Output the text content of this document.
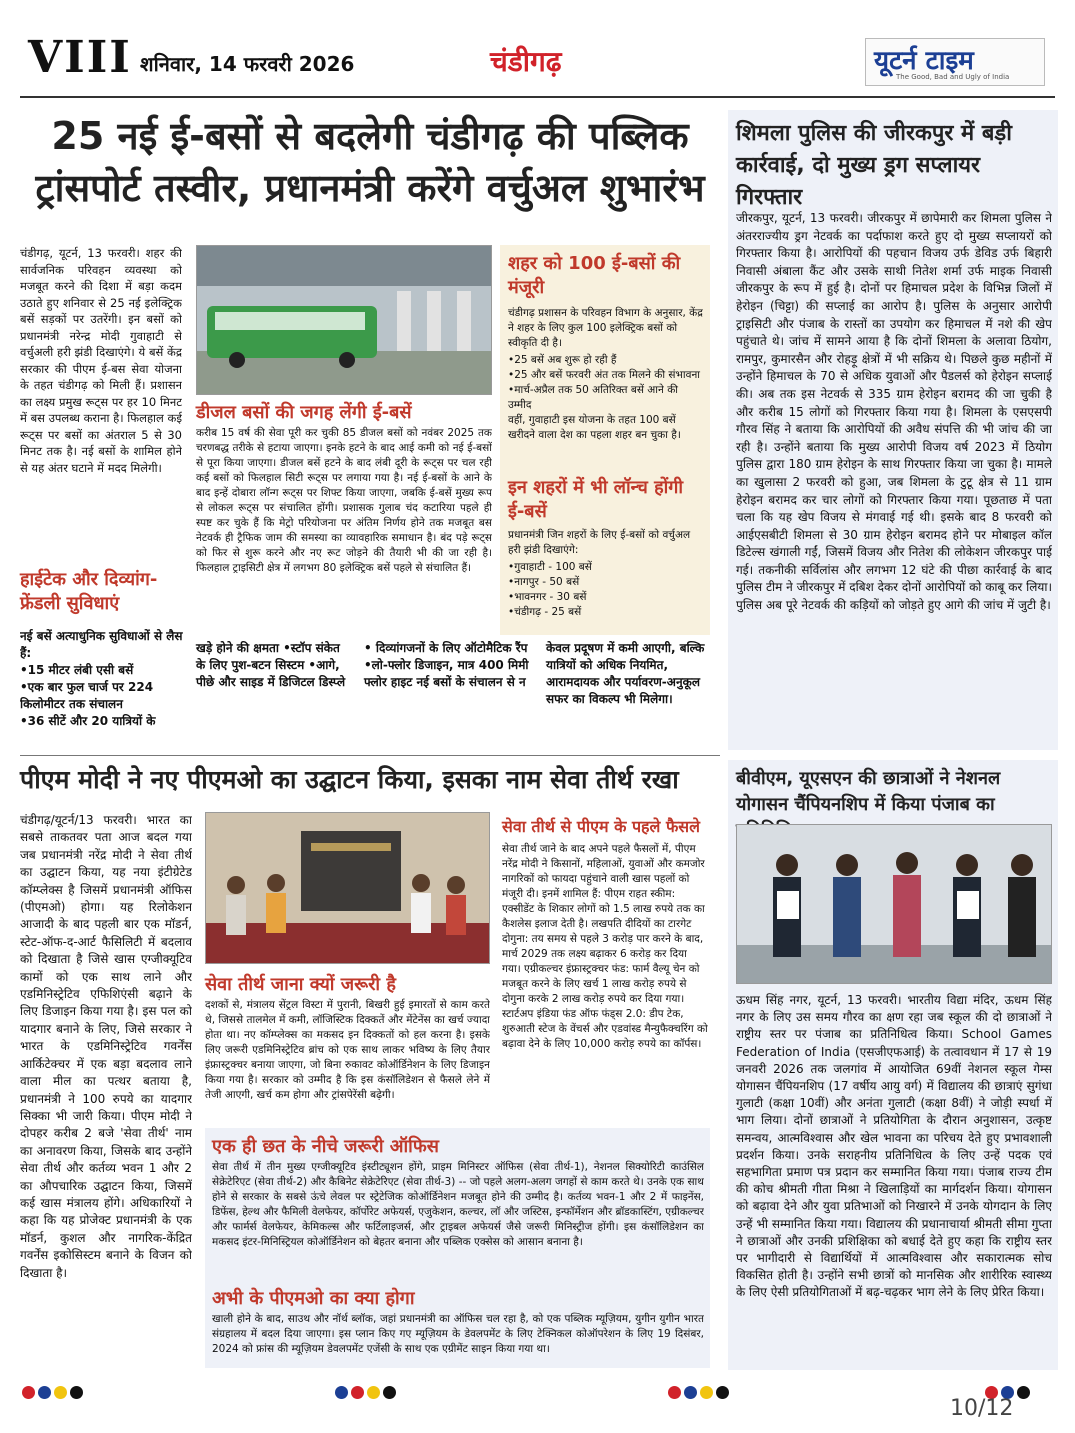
VIII शनिवार, 14 फरवरी 2026	चंडीगढ़	यूटर्न टाइम
The Good, Bad and Ugly of India
25 नई ई-बसों से बदलेगी चंडीगढ़ की पब्लिक
ट्रांसपोर्ट तस्वीर, प्रधानमंत्री करेंगे वर्चुअल शुभारंभ

चंडीगढ़, यूटर्न, 13 फरवरी। शहर की सार्वजनिक परिवहन व्यवस्था को मजबूत करने की दिशा में बड़ा कदम उठाते हुए शनिवार से 25 नई इलेक्ट्रिक बसें सड़कों पर उतरेंगी। इन बसों को प्रधानमंत्री नरेन्द्र मोदी गुवाहाटी से वर्चुअली हरी झंडी दिखाएंगे। ये बसें केंद्र सरकार की पीएम ई-बस सेवा योजना के तहत चंडीगढ़ को मिली हैं। प्रशासन का लक्ष्य प्रमुख रूट्स पर हर 10 मिनट में बस उपलब्ध कराना है। फिलहाल कई रूट्स पर बसों का अंतराल 5 से 30 मिनट तक है। नई बसों के शामिल होने से यह अंतर घटाने में मदद मिलेगी।

हाईटेक और दिव्यांग-फ्रेंडली सुविधाएं
नई बसें अत्याधुनिक सुविधाओं से लैस हैं:
•15 मीटर लंबी एसी बसें
•एक बार फुल चार्ज पर 224 किलोमीटर तक संचालन
•36 सीटें और 20 यात्रियों के
डीजल बसों की जगह लेंगी ई-बसें

करीब 15 वर्ष की सेवा पूरी कर चुकी 85 डीजल बसों को नवंबर 2025 तक चरणबद्ध तरीके से हटाया जाएगा। इनके हटने के बाद आई कमी को नई ई-बसों से पूरा किया जाएगा। डीजल बसें हटने के बाद लंबी दूरी के रूट्स पर चल रही कई बसों को फिलहाल सिटी रूट्स पर लगाया गया है। नई ई-बसों के आने के बाद इन्हें दोबारा लॉन्ग रूट्स पर शिफ्ट किया जाएगा, जबकि ई-बसें मुख्य रूप से लोकल रूट्स पर संचालित होंगी। प्रशासक गुलाब चंद कटारिया पहले ही स्पष्ट कर चुके हैं कि मेट्रो परियोजना पर अंतिम निर्णय होने तक मजबूत बस नेटवर्क ही ट्रैफिक जाम की समस्या का व्यावहारिक समाधान है। बंद पड़े रूट्स को फिर से शुरू करने और नए रूट जोड़ने की तैयारी भी की जा रही है। फिलहाल ट्राइसिटी क्षेत्र में लगभग 80 इलेक्ट्रिक बसें पहले से संचालित हैं।

शहर को 100 ई-बसों की मंजूरी

चंडीगढ़ प्रशासन के परिवहन विभाग के अनुसार, केंद्र ने शहर के लिए कुल 100 इलेक्ट्रिक बसों को स्वीकृति दी है।

•25 बसें अब शुरू हो रही हैं
•25 और बसें फरवरी अंत तक मिलने की संभावना
•मार्च-अप्रैल तक 50 अतिरिक्त बसें आने की उम्मीद

वहीं, गुवाहाटी इस योजना के तहत 100 बसें खरीदने वाला देश का पहला शहर बन चुका है।

इन शहरों में भी लॉन्च होंगी ई-बसें

प्रधानमंत्री जिन शहरों के लिए ई-बसों को वर्चुअल हरी झंडी दिखाएंगे:

•गुवाहाटी - 100 बसें
•नागपुर - 50 बसें
•भावनगर - 30 बसें
•चंडीगढ़ - 25 बसें
खड़े होने की क्षमता •स्टॉप संकेत के लिए पुश-बटन सिस्टम •आगे, पीछे और साइड में डिजिटल डिस्प्ले
• दिव्यांगजनों के लिए ऑटोमैटिक रैंप •लो-फ्लोर डिजाइन, मात्र 400 मिमी फ्लोर हाइट नई बसों के संचालन से न
केवल प्रदूषण में कमी आएगी, बल्कि यात्रियों को अधिक नियमित, आरामदायक और पर्यावरण-अनुकूल सफर का विकल्प भी मिलेगा।
शिमला पुलिस की जीरकपुर में बड़ी कार्रवाई, दो मुख्य ड्रग सप्लायर गिरफ्तार

जीरकपुर, यूटर्न, 13 फरवरी। जीरकपुर में छापेमारी कर शिमला पुलिस ने अंतरराज्यीय ड्रग नेटवर्क का पर्दाफाश करते हुए दो मुख्य सप्लायरों को गिरफ्तार किया है। आरोपियों की पहचान विजय उर्फ डेविड उर्फ बिहारी निवासी अंबाला कैंट और उसके साथी नितेश शर्मा उर्फ माइक निवासी जीरकपुर के रूप में हुई है। दोनों पर हिमाचल प्रदेश के विभिन्न जिलों में हेरोइन (चिट्टा) की सप्लाई का आरोप है। पुलिस के अनुसार आरोपी ट्राइसिटी और पंजाब के रास्तों का उपयोग कर हिमाचल में नशे की खेप पहुंचाते थे। जांच में सामने आया है कि दोनों शिमला के अलावा ठियोग, रामपुर, कुमारसैन और रोहड़ू क्षेत्रों में भी सक्रिय थे। पिछले कुछ महीनों में उन्होंने हिमाचल के 70 से अधिक युवाओं और पैडलर्स को हेरोइन सप्लाई की। अब तक इस नेटवर्क से 335 ग्राम हेरोइन बरामद की जा चुकी है और करीब 15 लोगों को गिरफ्तार किया गया है। शिमला के एसएसपी गौरव सिंह ने बताया कि आरोपियों की अवैध संपत्ति की भी जांच की जा रही है। उन्होंने बताया कि मुख्य आरोपी विजय वर्ष 2023 में ठियोग पुलिस द्वारा 180 ग्राम हेरोइन के साथ गिरफ्तार किया जा चुका है। मामले का खुलासा 2 फरवरी को हुआ, जब शिमला के टुटू क्षेत्र से 11 ग्राम हेरोइन बरामद कर चार लोगों को गिरफ्तार किया गया। पूछताछ में पता चला कि यह खेप विजय से मंगवाई गई थी। इसके बाद 8 फरवरी को आईएसबीटी शिमला से 30 ग्राम हेरोइन बरामद होने पर मोबाइल कॉल डिटेल्स खंगाली गईं, जिसमें विजय और नितेश की लोकेशन जीरकपुर पाई गई। तकनीकी सर्विलांस और लगभग 12 घंटे की पीछा कार्रवाई के बाद पुलिस टीम ने जीरकपुर में दबिश देकर दोनों आरोपियों को काबू कर लिया। पुलिस अब पूरे नेटवर्क की कड़ियों को जोड़ते हुए आगे की जांच में जुटी है।

पीएम मोदी ने नए पीएमओ का उद्घाटन किया, इसका नाम सेवा तीर्थ रखा

चंडीगढ़/यूटर्न/13 फरवरी। भारत का सबसे ताकतवर पता आज बदल गया जब प्रधानमंत्री नरेंद्र मोदी ने सेवा तीर्थ का उद्घाटन किया, यह नया इंटीग्रेटेड कॉम्प्लेक्स है जिसमें प्रधानमंत्री ऑफिस (पीएमओ) होगा। यह रिलोकेशन आजादी के बाद पहली बार एक मॉडर्न, स्टेट-ऑफ-द-आर्ट फैसिलिटी में बदलाव को दिखाता है जिसे खास एग्जीक्यूटिव कामों को एक साथ लाने और एडमिनिस्ट्रेटिव एफिशिएंसी बढ़ाने के लिए डिजाइन किया गया है। इस पल को यादगार बनाने के लिए, जिसे सरकार ने भारत के एडमिनिस्ट्रेटिव गवर्नेंस आर्किटेक्चर में एक बड़ा बदलाव लाने वाला मील का पत्थर बताया है, प्रधानमंत्री ने 100 रुपये का यादगार सिक्का भी जारी किया। पीएम मोदी ने दोपहर करीब 2 बजे 'सेवा तीर्थ' नाम का अनावरण किया, जिसके बाद उन्होंने सेवा तीर्थ और कर्तव्य भवन 1 और 2 का औपचारिक उद्घाटन किया, जिसमें कई खास मंत्रालय होंगे। अधिकारियों ने कहा कि यह प्रोजेक्ट प्रधानमंत्री के एक मॉडर्न, कुशल और नागरिक-केंद्रित गवर्नेंस इकोसिस्टम बनाने के विजन को दिखाता है।

सेवा तीर्थ जाना क्यों जरूरी है

दशकों से, मंत्रालय सेंट्रल विस्टा में पुरानी, बिखरी हुई इमारतों से काम करते थे, जिससे तालमेल में कमी, लॉजिस्टिक दिक्कतें और मेंटेनेंस का खर्च ज्यादा होता था। नए कॉम्प्लेक्स का मकसद इन दिक्कतों को हल करना है। इसके लिए जरूरी एडमिनिस्ट्रेटिव ब्रांच को एक साथ लाकर भविष्य के लिए तैयार इंफ्रास्ट्रक्चर बनाया जाएगा, जो बिना रुकावट कोऑर्डिनेशन के लिए डिजाइन किया गया है। सरकार को उम्मीद है कि इस कंसॉलिडेशन से फैसले लेने में तेजी आएगी, खर्च कम होगा और ट्रांसपेरेंसी बढ़ेगी।

सेवा तीर्थ से पीएम के पहले फैसले

सेवा तीर्थ जाने के बाद अपने पहले फैसलों में, पीएम नरेंद्र मोदी ने किसानों, महिलाओं, युवाओं और कमजोर नागरिकों को फायदा पहुंचाने वाली खास पहलों को मंजूरी दी। इनमें शामिल हैं: पीएम राहत स्कीम: एक्सीडेंट के शिकार लोगों को 1.5 लाख रुपये तक का कैशलेस इलाज देती है। लखपति दीदियों का टारगेट दोगुना: तय समय से पहले 3 करोड़ पार करने के बाद, मार्च 2029 तक लक्ष्य बढ़ाकर 6 करोड़ कर दिया गया। एग्रीकल्चर इंफ्रास्ट्रक्चर फंड: फार्म वैल्यू चेन को मजबूत करने के लिए खर्च 1 लाख करोड़ रुपये से दोगुना करके 2 लाख करोड़ रुपये कर दिया गया। स्टार्टअप इंडिया फंड ऑफ फंड्स 2.0: डीप टेक, शुरुआती स्टेज के वेंचर्स और एडवांस्ड मैन्युफैक्चरिंग को बढ़ावा देने के लिए 10,000 करोड़ रुपये का कॉर्पस।

एक ही छत के नीचे जरूरी ऑफिस

सेवा तीर्थ में तीन मुख्य एग्जीक्यूटिव इंस्टीट्यूशन होंगे, प्राइम मिनिस्टर ऑफिस (सेवा तीर्थ-1), नेशनल सिक्योरिटी काउंसिल सेक्रेटेरिएट (सेवा तीर्थ-2) और कैबिनेट सेक्रेटेरिएट (सेवा तीर्थ-3) -- जो पहले अलग-अलग जगहों से काम करते थे। उनके एक साथ होने से सरकार के सबसे ऊंचे लेवल पर स्ट्रेटेजिक कोऑर्डिनेशन मजबूत होने की उम्मीद है। कर्तव्य भवन-1 और 2 में फाइनेंस, डिफेंस, हेल्थ और फैमिली वेलफेयर, कॉर्पोरेट अफेयर्स, एजुकेशन, कल्चर, लॉ और जस्टिस, इन्फॉर्मेशन और ब्रॉडकास्टिंग, एग्रीकल्चर और फार्मर्स वेलफेयर, केमिकल्स और फर्टिलाइजर्स, और ट्राइबल अफेयर्स जैसे जरूरी मिनिस्ट्रीज होंगी। इस कंसॉलिडेशन का मकसद इंटर-मिनिस्ट्रियल कोऑर्डिनेशन को बेहतर बनाना और पब्लिक एक्सेस को आसान बनाना है।

अभी के पीएमओ का क्या होगा

खाली होने के बाद, साउथ और नॉर्थ ब्लॉक, जहां प्रधानमंत्री का ऑफिस चल रहा है, को एक पब्लिक म्यूज़ियम, युगीन युगीन भारत संग्रहालय में बदल दिया जाएगा। इस प्लान किए गए म्यूज़ियम के डेवलपमेंट के लिए टेक्निकल कोऑपरेशन के लिए 19 दिसंबर, 2024 को फ्रांस की म्यूज़ियम डेवलपमेंट एजेंसी के साथ एक एग्रीमेंट साइन किया गया था।

बीवीएम, यूएसएन की छात्राओं ने नेशनल योगासन चैंपियनशिप में किया पंजाब का

ऊधम सिंह नगर, यूटर्न, 13 फरवरी। भारतीय विद्या मंदिर, ऊधम सिंह नगर के लिए उस समय गौरव का क्षण रहा जब स्कूल की दो छात्राओं ने राष्ट्रीय स्तर पर पंजाब का प्रतिनिधित्व किया। School Games Federation of India (एसजीएफआई) के तत्वावधान में 17 से 19 जनवरी 2026 तक जलगांव में आयोजित 69वीं नेशनल स्कूल गेम्स योगासन चैंपियनशिप (17 वर्षीय आयु वर्ग) में विद्यालय की छात्राएं सुगंधा गुलाटी (कक्षा 10वीं) और अनंता गुलाटी (कक्षा 8वीं) ने जोड़ी स्पर्धा में भाग लिया। दोनों छात्राओं ने प्रतियोगिता के दौरान अनुशासन, उत्कृष्ट समन्वय, आत्मविश्वास और खेल भावना का परिचय देते हुए प्रभावशाली प्रदर्शन किया। उनके सराहनीय प्रतिनिधित्व के लिए उन्हें पदक एवं सहभागिता प्रमाण पत्र प्रदान कर सम्मानित किया गया। पंजाब राज्य टीम की कोच श्रीमती गीता मिश्रा ने खिलाड़ियों का मार्गदर्शन किया। योगासन को बढ़ावा देने और युवा प्रतिभाओं को निखारने में उनके योगदान के लिए उन्हें भी सम्मानित किया गया। विद्यालय की प्रधानाचार्या श्रीमती सीमा गुप्ता ने छात्राओं और उनकी प्रशिक्षिका को बधाई देते हुए कहा कि राष्ट्रीय स्तर पर भागीदारी से विद्यार्थियों में आत्मविश्वास और सकारात्मक सोच विकसित होती है। उन्होंने सभी छात्रों को मानसिक और शारीरिक स्वास्थ्य के लिए ऐसी प्रतियोगिताओं में बढ़-चढ़कर भाग लेने के लिए प्रेरित किया।

10/12
